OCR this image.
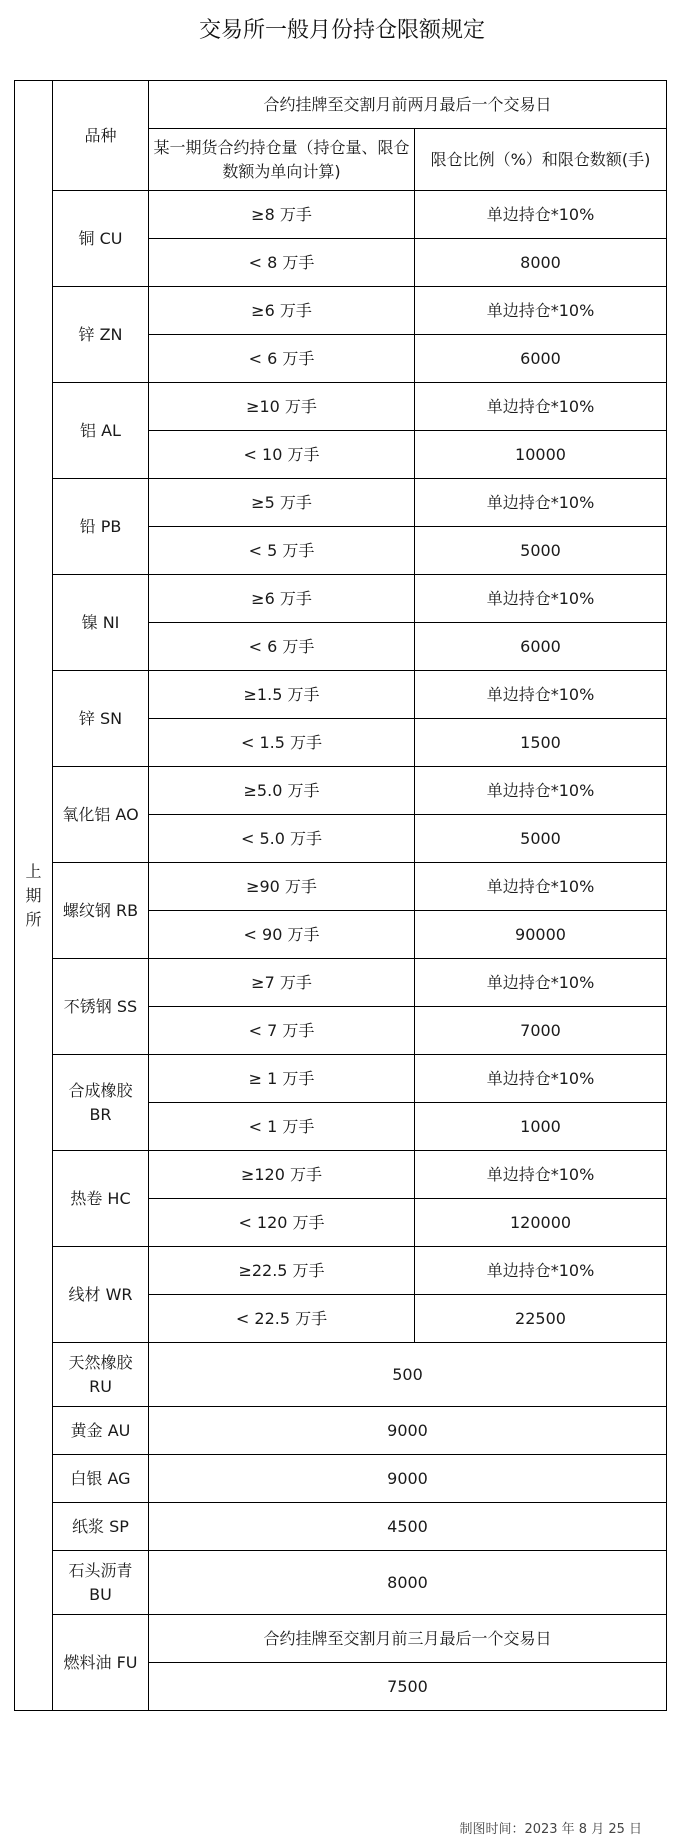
交易所一般月份持仓限额规定
上
期
所	品种	合约挂牌至交割月前两月最后一个交易日	
		某一期货合约持仓量（持仓量、限仓数额为单向计算)	限仓比例（%）和限仓数额(手)
	铜 CU	≥8 万手	单边持仓*10%
		< 8 万手	8000
	锌 ZN	≥6 万手	单边持仓*10%
		< 6 万手	6000
	铝 AL	≥10 万手	单边持仓*10%
		< 10 万手	10000
	铅 PB	≥5 万手	单边持仓*10%
		< 5 万手	5000
	镍 NI	≥6 万手	单边持仓*10%
		< 6 万手	6000
	锌 SN	≥1.5 万手	单边持仓*10%
		< 1.5 万手	1500
	氧化铝 AO	≥5.0 万手	单边持仓*10%
		< 5.0 万手	5000
	螺纹钢 RB	≥90 万手	单边持仓*10%
		< 90 万手	90000
	不锈钢 SS	≥7 万手	单边持仓*10%
		< 7 万手	7000
	合成橡胶 BR	≥ 1 万手	单边持仓*10%
		< 1 万手	1000
	热卷 HC	≥120 万手	单边持仓*10%
		< 120 万手	120000
	线材 WR	≥22.5 万手	单边持仓*10%
		< 22.5 万手	22500
	天然橡胶 RU	500	
	黄金 AU	9000	
	白银 AG	9000	
	纸浆 SP	4500	
	石头沥青 BU	8000	
	燃料油 FU	合约挂牌至交割月前三月最后一个交易日	
		7500	
制图时间：2023 年 8 月 25 日
